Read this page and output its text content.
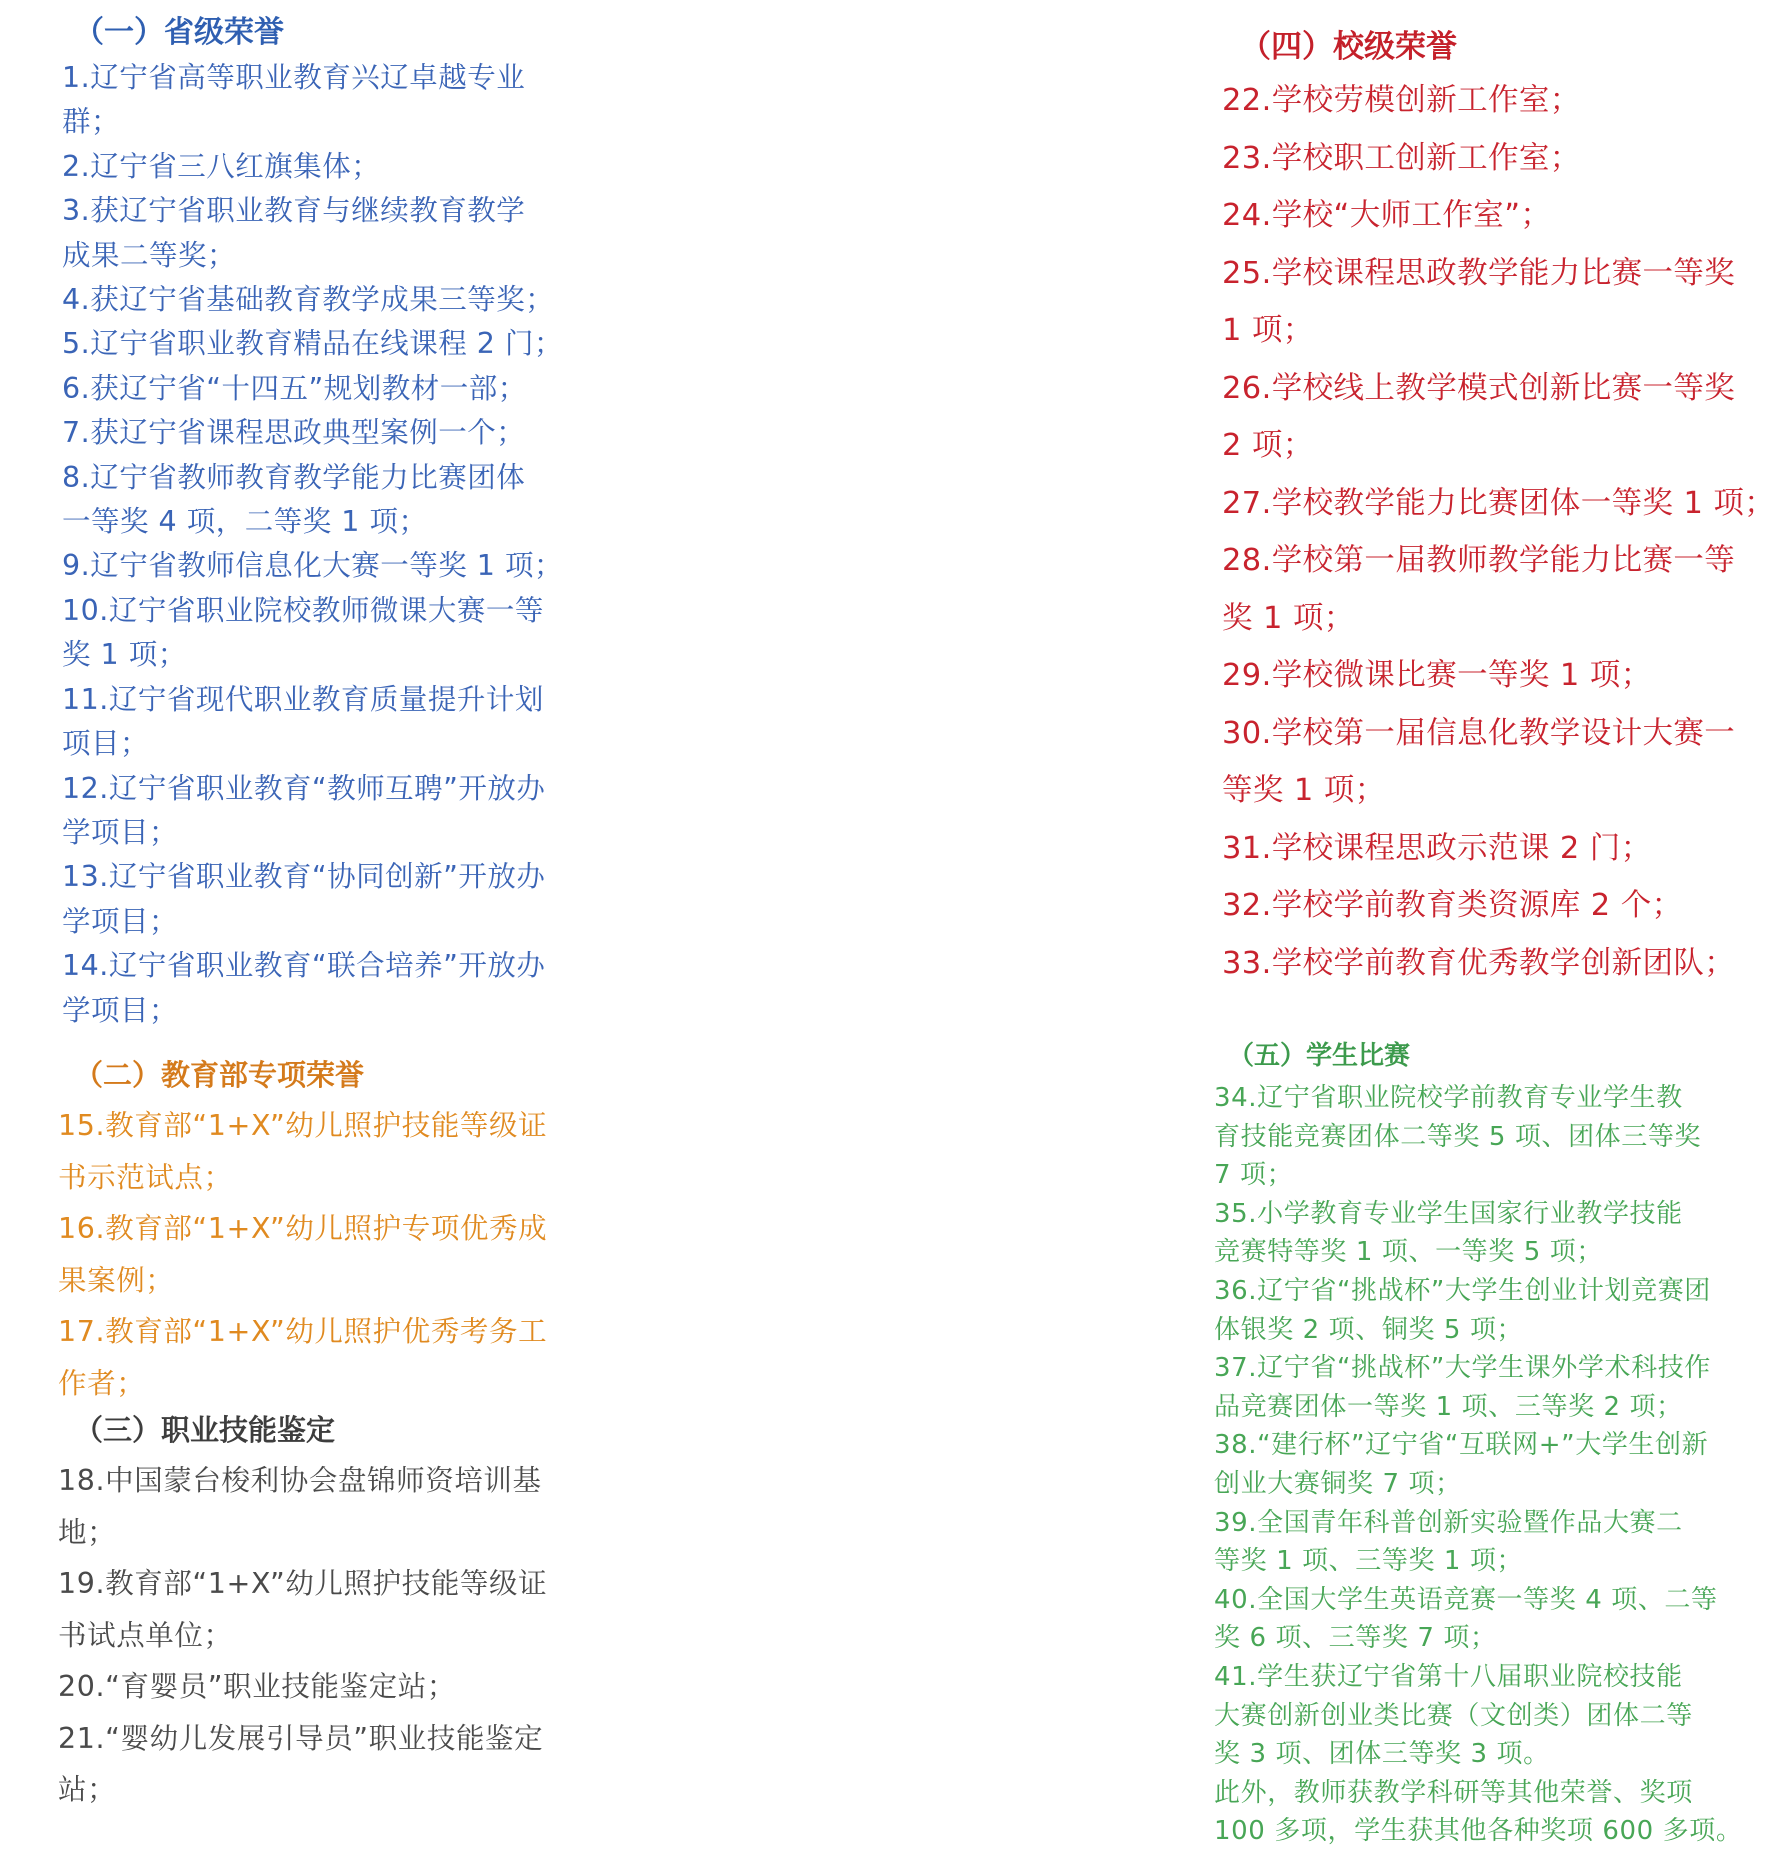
（一）省级荣誉
1.辽宁省高等职业教育兴辽卓越专业
群；
2.辽宁省三八红旗集体；
3.获辽宁省职业教育与继续教育教学
成果二等奖；
4.获辽宁省基础教育教学成果三等奖；
5.辽宁省职业教育精品在线课程 2 门；
6.获辽宁省“十四五”规划教材一部；
7.获辽宁省课程思政典型案例一个；
8.辽宁省教师教育教学能力比赛团体
一等奖 4 项，二等奖 1 项；
9.辽宁省教师信息化大赛一等奖 1 项；
10.辽宁省职业院校教师微课大赛一等
奖 1 项；
11.辽宁省现代职业教育质量提升计划
项目；
12.辽宁省职业教育“教师互聘”开放办
学项目；
13.辽宁省职业教育“协同创新”开放办
学项目；
14.辽宁省职业教育“联合培养”开放办
学项目；
（二）教育部专项荣誉
15.教育部“1+X”幼儿照护技能等级证
书示范试点；
16.教育部“1+X”幼儿照护专项优秀成
果案例；
17.教育部“1+X”幼儿照护优秀考务工
作者；
（三）职业技能鉴定
18.中国蒙台梭利协会盘锦师资培训基
地；
19.教育部“1+X”幼儿照护技能等级证
书试点单位；
20.“育婴员”职业技能鉴定站；
21.“婴幼儿发展引导员”职业技能鉴定
站；
（四）校级荣誉
22.学校劳模创新工作室；
23.学校职工创新工作室；
24.学校“大师工作室”；
25.学校课程思政教学能力比赛一等奖
1 项；
26.学校线上教学模式创新比赛一等奖
2 项；
27.学校教学能力比赛团体一等奖 1 项；
28.学校第一届教师教学能力比赛一等
奖 1 项；
29.学校微课比赛一等奖 1 项；
30.学校第一届信息化教学设计大赛一
等奖 1 项；
31.学校课程思政示范课 2 门；
32.学校学前教育类资源库 2 个；
33.学校学前教育优秀教学创新团队；
（五）学生比赛
34.辽宁省职业院校学前教育专业学生教
育技能竞赛团体二等奖 5 项、团体三等奖
7 项；
35.小学教育专业学生国家行业教学技能
竞赛特等奖 1 项、一等奖 5 项；
36.辽宁省“挑战杯”大学生创业计划竞赛团
体银奖 2 项、铜奖 5 项；
37.辽宁省“挑战杯”大学生课外学术科技作
品竞赛团体一等奖 1 项、三等奖 2 项；
38.“建行杯”辽宁省“互联网+”大学生创新
创业大赛铜奖 7 项；
39.全国青年科普创新实验暨作品大赛二
等奖 1 项、三等奖 1 项；
40.全国大学生英语竞赛一等奖 4 项、二等
奖 6 项、三等奖 7 项；
41.学生获辽宁省第十八届职业院校技能
大赛创新创业类比赛（文创类）团体二等
奖 3 项、团体三等奖 3 项。
此外，教师获教学科研等其他荣誉、奖项
100 多项，学生获其他各种奖项 600 多项。
